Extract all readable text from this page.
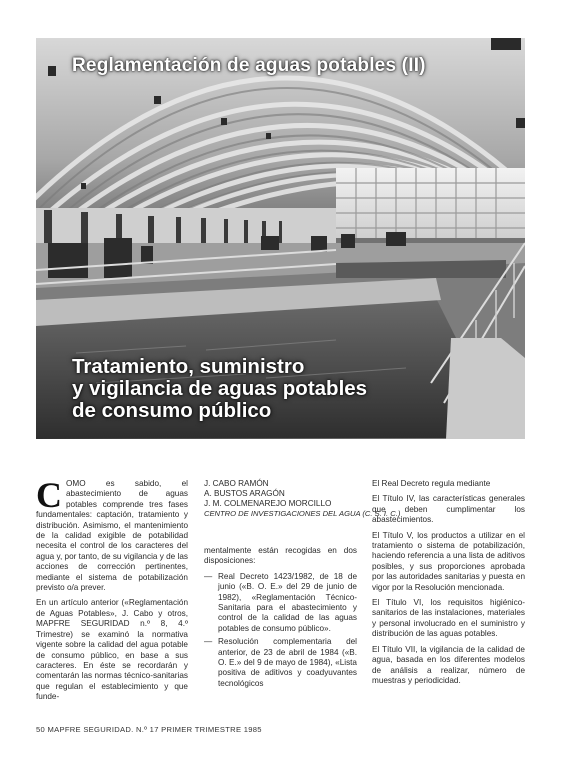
Reglamentación de aguas potables (II)
Tratamiento, suministro
y vigilancia de aguas potables
de consumo público

COMO es sabido, el abastecimiento de aguas potables comprende tres fases fundamentales: captación, tratamiento y distribución. Asimismo, el mantenimiento de la calidad exigible de potabilidad necesita el control de los caracteres del agua y, por tanto, de su vigilancia y de las acciones de corrección pertinentes, mediante el sistema de potabilización previsto o/a prever.

En un artículo anterior («Reglamentación de Aguas Potables», J. Cabo y otros, MAPFRE SEGURIDAD n.º 8, 4.º Trimestre) se examinó la normativa vigente sobre la calidad del agua potable de consumo público, en base a sus caracteres. En éste se recordarán y comentarán las normas técnico-sanitarias que regulan el establecimiento y que funde-

J. CABO RAMÓN
A. BUSTOS ARAGÓN
J. M. COLMENAREJO MORCILLO
CENTRO DE INVESTIGACIONES DEL AGUA (C. S. I. C.)

mentalmente están recogidas en dos disposiciones:

— Real Decreto 1423/1982, de 18 de junio («B. O. E.» del 29 de junio de 1982), «Reglamentación Técnico-Sanitaria para el abastecimiento y control de la calidad de las aguas potables de consumo público».
— Resolución complementaria del anterior, de 23 de abril de 1984 («B. O. E.» del 9 de mayo de 1984), «Lista positiva de aditivos y coadyuvantes tecnológicos

El Real Decreto regula mediante

El Título IV, las características generales que deben cumplimentar los abastecimientos.

El Título V, los productos a utilizar en el tratamiento o sistema de potabilización, haciendo referencia a una lista de aditivos posibles, y sus proporciones aprobada por las autoridades sanitarias y puesta en vigor por la Resolución mencionada.

El Título VI, los requisitos higiénico-sanitarios de las instalaciones, materiales y personal involucrado en el suministro y distribución de las aguas potables.

El Título VII, la vigilancia de la calidad de agua, basada en los diferentes modelos de análisis a realizar, número de muestras y periodicidad.

50 MAPFRE SEGURIDAD. N.º 17 PRIMER TRIMESTRE 1985
